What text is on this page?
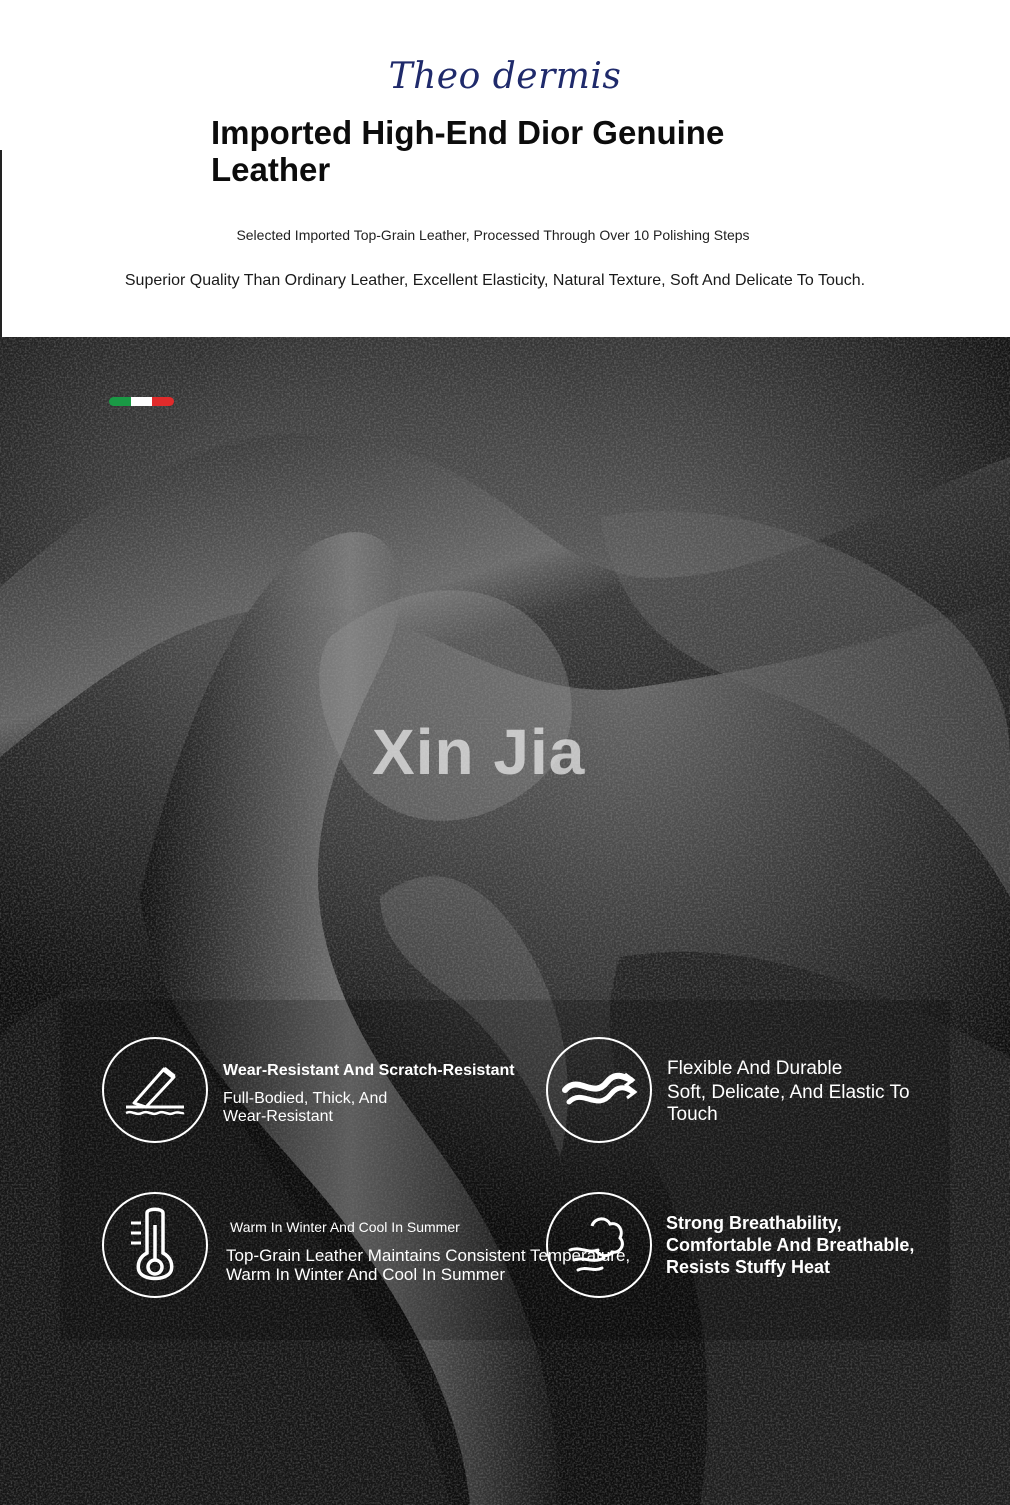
Theo dermis
Imported High-End Dior Genuine Leather

Selected Imported Top-Grain Leather, Processed Through Over 10 Polishing Steps

Superior Quality Than Ordinary Leather, Excellent Elasticity, Natural Texture, Soft And Delicate To Touch.

Xin Jia
Wear-Resistant And Scratch-Resistant
Full-Bodied, Thick, And Wear-Resistant
Flexible And Durable
Soft, Delicate, And Elastic To Touch
Warm In Winter And Cool In Summer
Top-Grain Leather Maintains Consistent Temperature, Warm In Winter And Cool In Summer
Strong Breathability, Comfortable And Breathable, Resists Stuffy Heat
